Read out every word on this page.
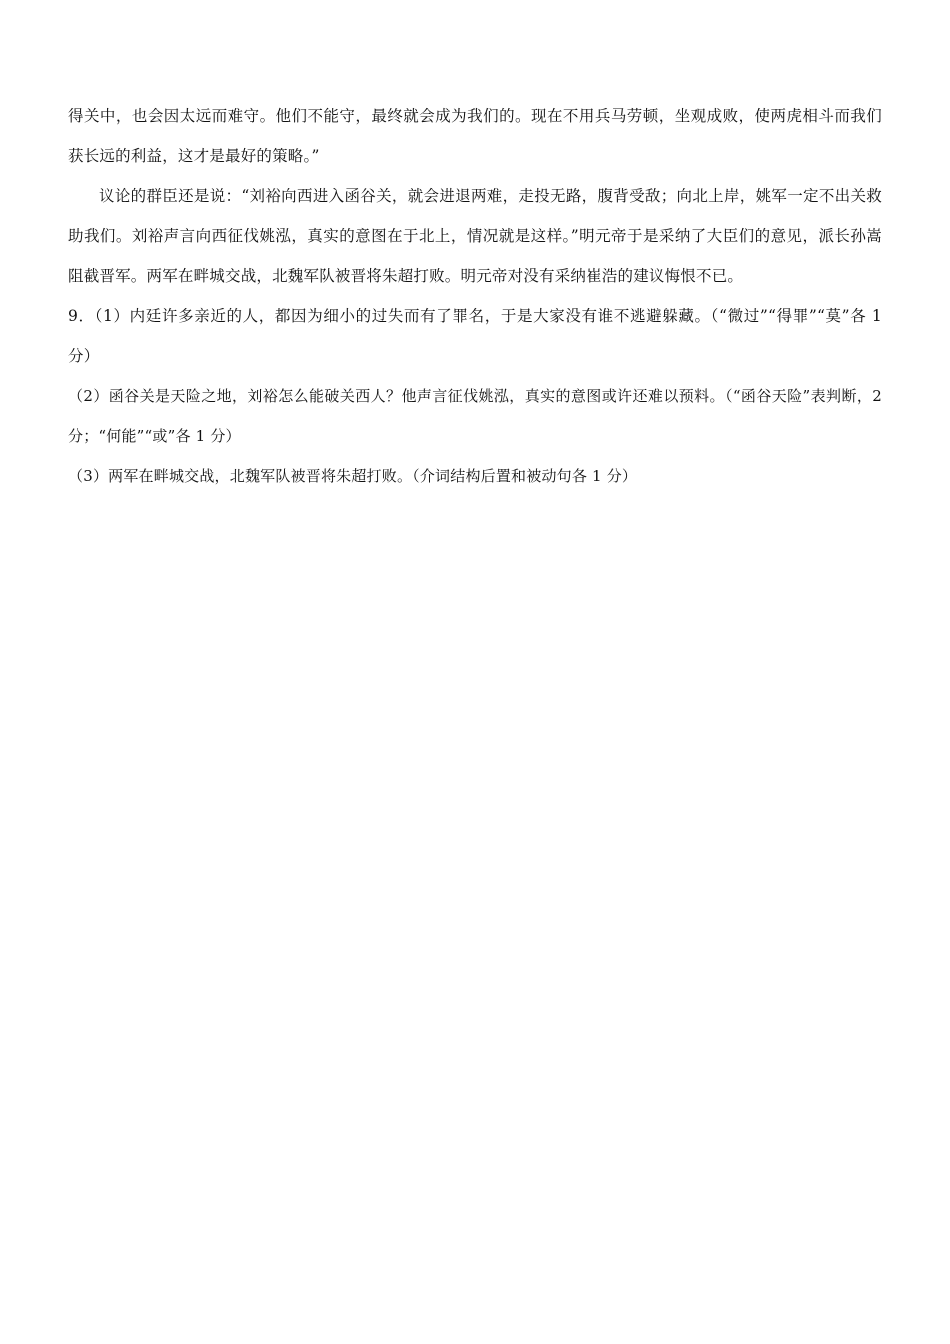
得关中，也会因太远而难守。他们不能守，最终就会成为我们的。现在不用兵马劳顿，坐观成败，使两虎相斗而我们获长远的利益，这才是最好的策略。”

议论的群臣还是说：“刘裕向西进入函谷关，就会进退两难，走投无路，腹背受敌；向北上岸，姚军一定不出关救助我们。刘裕声言向西征伐姚泓，真实的意图在于北上，情况就是这样。”明元帝于是采纳了大臣们的意见，派长孙嵩阻截晋军。两军在畔城交战，北魏军队被晋将朱超打败。明元帝对没有采纳崔浩的建议悔恨不已。

9．（1）内廷许多亲近的人，都因为细小的过失而有了罪名，于是大家没有谁不逃避躲藏。（“微过”“得罪”“莫”各 1 分）

（2）函谷关是天险之地，刘裕怎么能破关西人？他声言征伐姚泓，真实的意图或许还难以预料。（“函谷天险”表判断，2 分；“何能”“或”各 1 分）

（3）两军在畔城交战，北魏军队被晋将朱超打败。（介词结构后置和被动句各 1 分）
